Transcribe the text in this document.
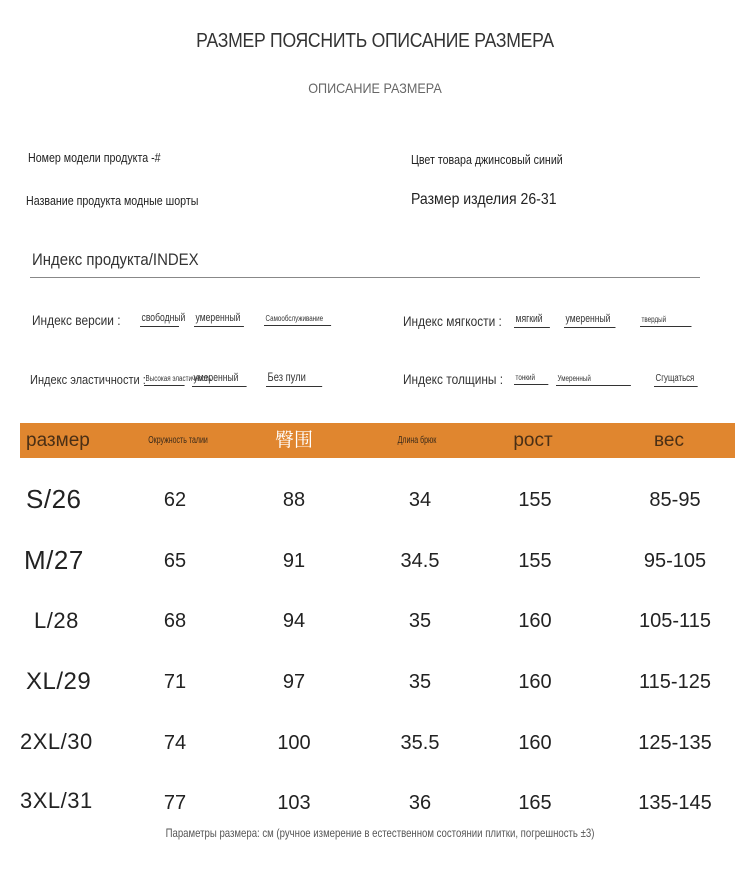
РАЗМЕР ПОЯСНИТЬ ОПИСАНИЕ РАЗМЕРА
ОПИСАНИЕ РАЗМЕРА
Номер модели продукта -#	Цвет товара джинсовый синий
Название продукта модные шорты	Размер изделия 26-31
Индекс продукта/INDEX
Индекс версии : свободный умеренный	Самообслуживание	Индекс мягкости : мягкий	умеренный	твердый
Индекс эластичности : Высокая эластичность
умеренный	Без пули	Индекс толщины : тонкий	Умеренный	Сгущаться
размер	Окружность талии	臀围	Длина брюк	рост	вес
S/26	62	88	34	155	85-95
M/27	65	91	34.5	155	95-105
L/28	68	94	35	160	105-115
XL/29	71	97	35	160	115-125
2XL/30	74	100	35.5	160	125-135
3XL/31	77	103	36	165	135-145
Параметры размера: см (ручное измерение в естественном состоянии плитки, погрешность ±3)
